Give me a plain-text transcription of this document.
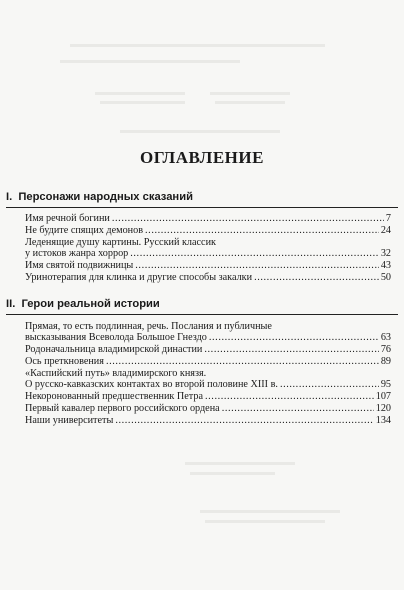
ОГЛАВЛЕНИЕ
I. Персонажи народных сказаний
Имя речной богини .....	7
Не будите спящих демонов .....	24
Леденящие душу картины. Русский классик
у истоков жанра хоррор .....	32
Имя святой подвижницы .....	43
Уринотерапия для клинка и другие способы закалки .....	50
II. Герои реальной истории
Прямая, то есть подлинная, речь. Послания и публичные
высказывания Всеволода Большое Гнездо .....	63
Родоначальница владимирской династии .....	76
Ось преткновения .....	89
«Каспийский путь» владимирского князя.
О русско-кавказских контактах во второй половине XIII в. .....	95
Некоронованный предшественник Петра .....	107
Первый кавалер первого российского ордена .....	120
Наши университеты .....	134
